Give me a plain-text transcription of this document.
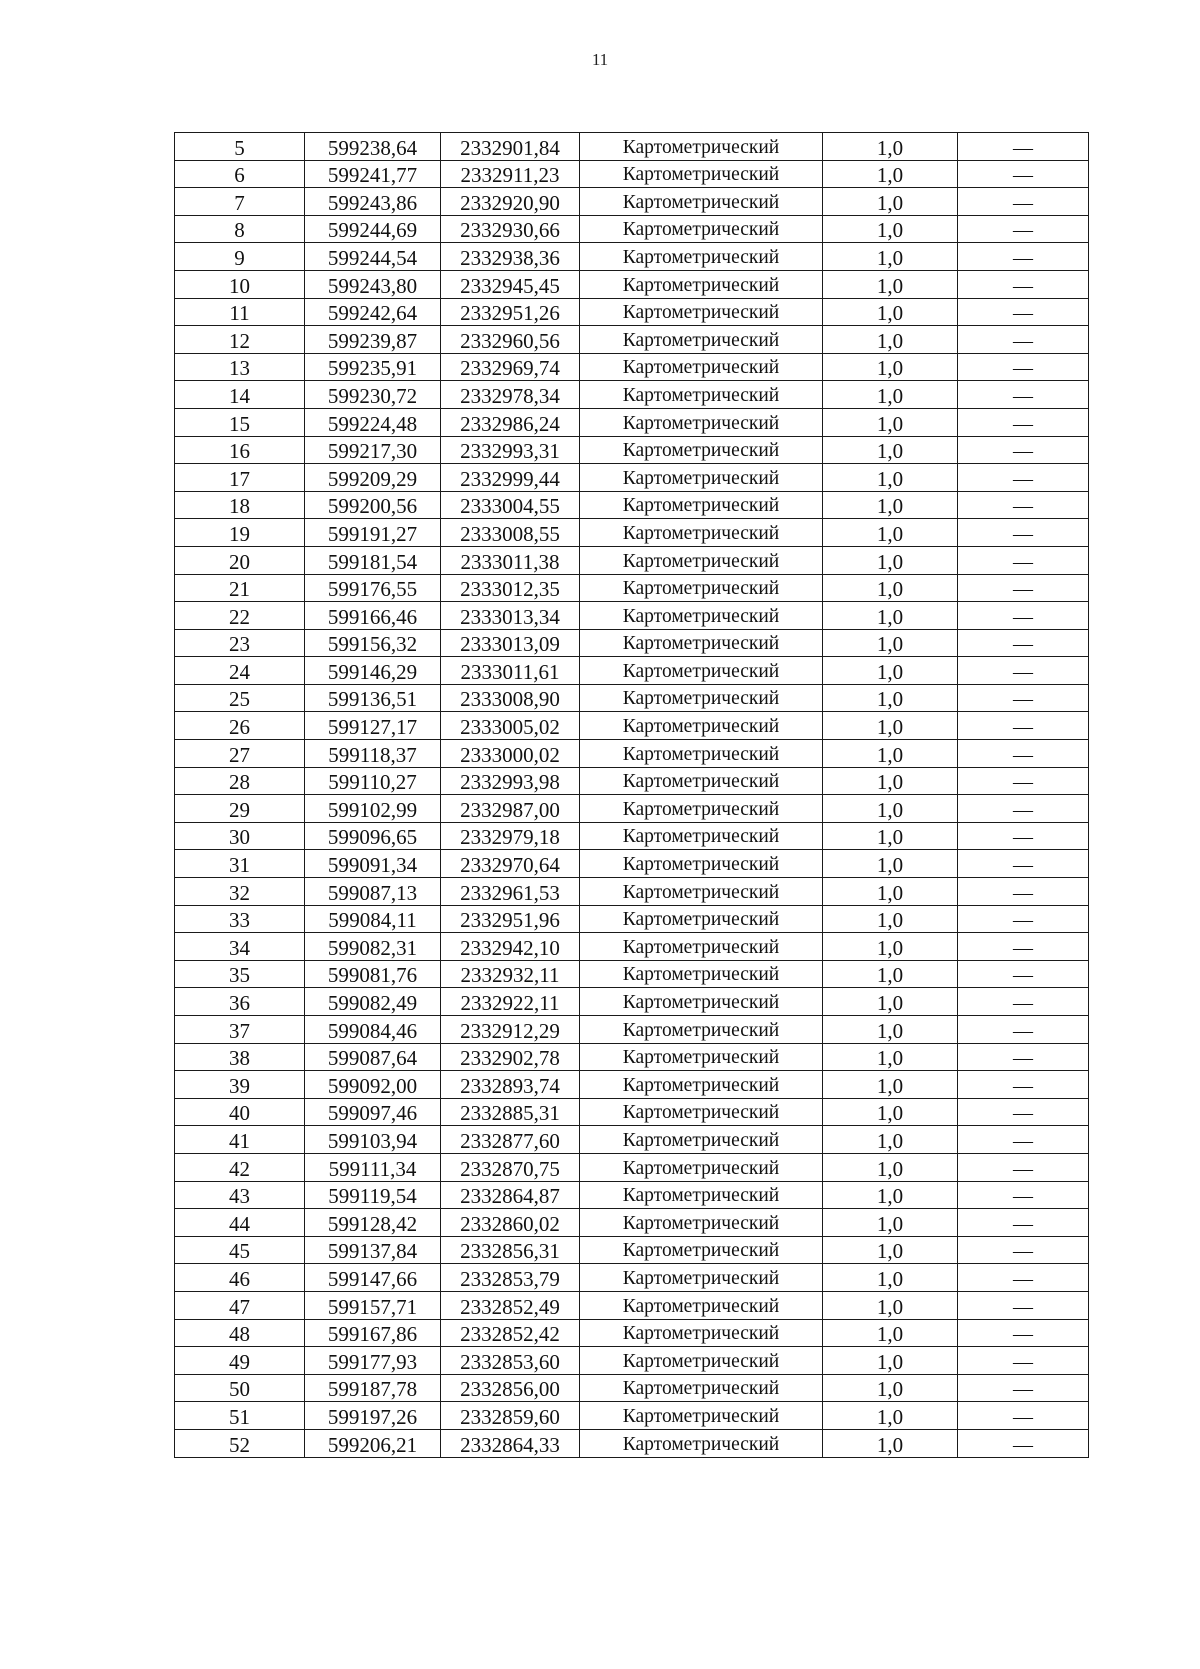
11
5	599238,64	2332901,84	Картометрический	1,0	—
6	599241,77	2332911,23	Картометрический	1,0	—
7	599243,86	2332920,90	Картометрический	1,0	—
8	599244,69	2332930,66	Картометрический	1,0	—
9	599244,54	2332938,36	Картометрический	1,0	—
10	599243,80	2332945,45	Картометрический	1,0	—
11	599242,64	2332951,26	Картометрический	1,0	—
12	599239,87	2332960,56	Картометрический	1,0	—
13	599235,91	2332969,74	Картометрический	1,0	—
14	599230,72	2332978,34	Картометрический	1,0	—
15	599224,48	2332986,24	Картометрический	1,0	—
16	599217,30	2332993,31	Картометрический	1,0	—
17	599209,29	2332999,44	Картометрический	1,0	—
18	599200,56	2333004,55	Картометрический	1,0	—
19	599191,27	2333008,55	Картометрический	1,0	—
20	599181,54	2333011,38	Картометрический	1,0	—
21	599176,55	2333012,35	Картометрический	1,0	—
22	599166,46	2333013,34	Картометрический	1,0	—
23	599156,32	2333013,09	Картометрический	1,0	—
24	599146,29	2333011,61	Картометрический	1,0	—
25	599136,51	2333008,90	Картометрический	1,0	—
26	599127,17	2333005,02	Картометрический	1,0	—
27	599118,37	2333000,02	Картометрический	1,0	—
28	599110,27	2332993,98	Картометрический	1,0	—
29	599102,99	2332987,00	Картометрический	1,0	—
30	599096,65	2332979,18	Картометрический	1,0	—
31	599091,34	2332970,64	Картометрический	1,0	—
32	599087,13	2332961,53	Картометрический	1,0	—
33	599084,11	2332951,96	Картометрический	1,0	—
34	599082,31	2332942,10	Картометрический	1,0	—
35	599081,76	2332932,11	Картометрический	1,0	—
36	599082,49	2332922,11	Картометрический	1,0	—
37	599084,46	2332912,29	Картометрический	1,0	—
38	599087,64	2332902,78	Картометрический	1,0	—
39	599092,00	2332893,74	Картометрический	1,0	—
40	599097,46	2332885,31	Картометрический	1,0	—
41	599103,94	2332877,60	Картометрический	1,0	—
42	599111,34	2332870,75	Картометрический	1,0	—
43	599119,54	2332864,87	Картометрический	1,0	—
44	599128,42	2332860,02	Картометрический	1,0	—
45	599137,84	2332856,31	Картометрический	1,0	—
46	599147,66	2332853,79	Картометрический	1,0	—
47	599157,71	2332852,49	Картометрический	1,0	—
48	599167,86	2332852,42	Картометрический	1,0	—
49	599177,93	2332853,60	Картометрический	1,0	—
50	599187,78	2332856,00	Картометрический	1,0	—
51	599197,26	2332859,60	Картометрический	1,0	—
52	599206,21	2332864,33	Картометрический	1,0	—
